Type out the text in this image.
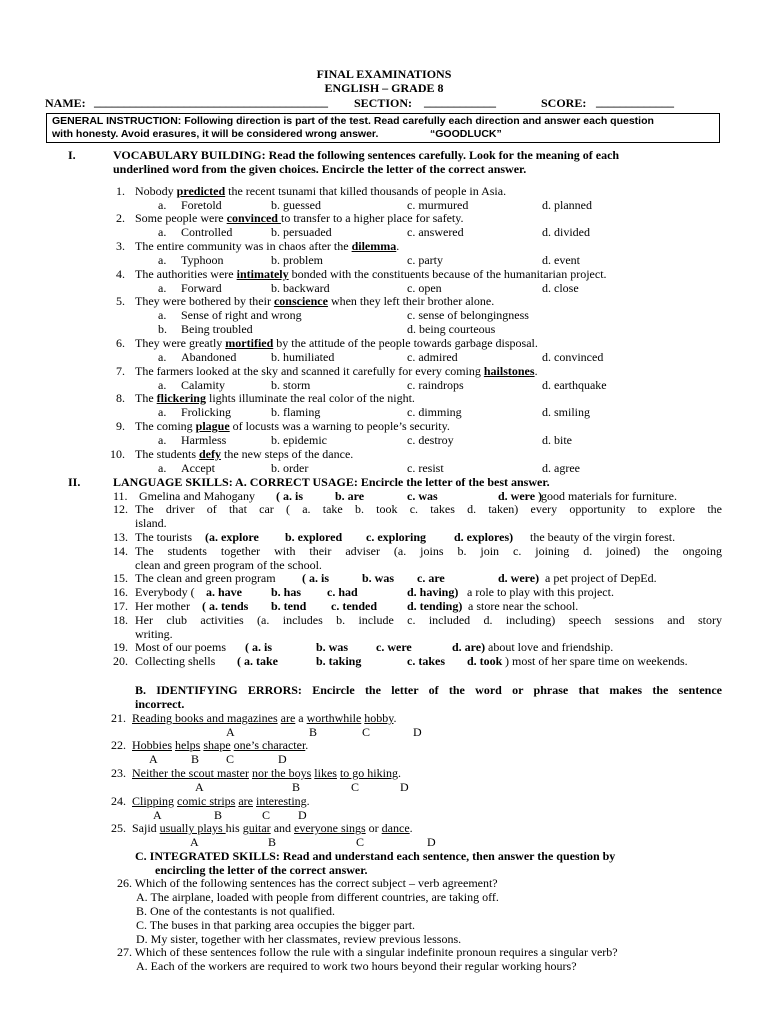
FINAL EXAMINATIONS
ENGLISH – GRADE 8
NAME: _______________________________________ SECTION: ____________	SCORE: _____________
GENERAL INSTRUCTION: Following direction is part of the test. Read carefully each direction and answer each question
with honesty. Avoid erasures, it will be considered wrong answer.	“GOODLUCK”
I.	VOCABULARY BUILDING: Read the following sentences carefully. Look for the meaning of each
underlined word from the given choices. Encircle the letter of the correct answer.
1. Nobody predicted the recent tsunami that killed thousands of people in Asia.
a. Foretold	b. guessed	c. murmured	d. planned
2. Some people were convinced to transfer to a higher place for safety.
a. Controlled	b. persuaded	c. answered	d. divided
3. The entire community was in chaos after the dilemma.
a. Typhoon	b. problem	c. party	d. event
4. The authorities were intimately bonded with the constituents because of the humanitarian project.
a. Forward	b. backward	c. open	d. close
5. They were bothered by their conscience when they left their brother alone.
a. Sense of right and wrong	c. sense of belongingness
b. Being troubled	d. being courteous
6. They were greatly mortified by the attitude of the people towards garbage disposal.
a. Abandoned	b. humiliated	c. admired	d. convinced
7. The farmers looked at the sky and scanned it carefully for every coming hailstones.
a. Calamity	b. storm	c. raindrops	d. earthquake
8. The flickering lights illuminate the real color of the night.
a. Frolicking	b. flaming	c. dimming	d. smiling
9. The coming plague of locusts was a warning to people’s security.
a. Harmless	b. epidemic	c. destroy	d. bite
10. The students defy the new steps of the dance.
a. Accept	b. order	c. resist	d. agree
II.	LANGUAGE SKILLS: A. CORRECT USAGE: Encircle the letter of the best answer.
11. Gmelina and Mahogany ( a. is	b. are	c. was	d. were )
good materials for furniture.
13. The tourists (a. explore b. explored c. exploring d. explores) the beauty of the virgin forest.
15. The clean and green program ( a. is	b. was c. are	d. were) a pet project of DepEd.
16. Everybody ( a. have b. has c. had	d. having) a role to play with this project.
17. Her mother ( a. tends b. tend c. tended	d. tending) a store near the school.
19. Most of our poems ( a. is	b. was c. were	d. are) about love and friendship.
20. Collecting shells ( a. take	b. taking	c. takes d. took ) most of her spare time on weekends.
12. The driver of that car ( a. take b. took c. takes d. taken) every opportunity to explore the
island.
14. The students together with their adviser (a. joins b. join c. joining d. joined) the ongoing
clean and green program of the school.
18. Her club activities (a. includes b. include c. included d. including) speech sessions and story
writing.
B. IDENTIFYING ERRORS: Encircle the letter of the word or phrase that makes the sentence
incorrect.
21. Reading books and magazines are a worthwhile hobby.
A	B	C	D
22. Hobbies helps shape one’s character.
A	B C	D
23. Neither the scout master nor the boys likes to go hiking.
A	B	C	D
24. Clipping comic strips are interesting.
A	B	C D
25. Sajid usually plays his guitar and everyone sings or dance.
A	B	C	D
C. INTEGRATED SKILLS: Read and understand each sentence, then answer the question by
encircling the letter of the correct answer.
26. Which of the following sentences has the correct subject – verb agreement?
A. The airplane, loaded with people from different countries, are taking off.
B. One of the contestants is not qualified.
C. The buses in that parking area occupies the bigger part.
D. My sister, together with her classmates, review previous lessons.
27. Which of these sentences follow the rule with a singular indefinite pronoun requires a singular verb?
A. Each of the workers are required to work two hours beyond their regular working hours?
